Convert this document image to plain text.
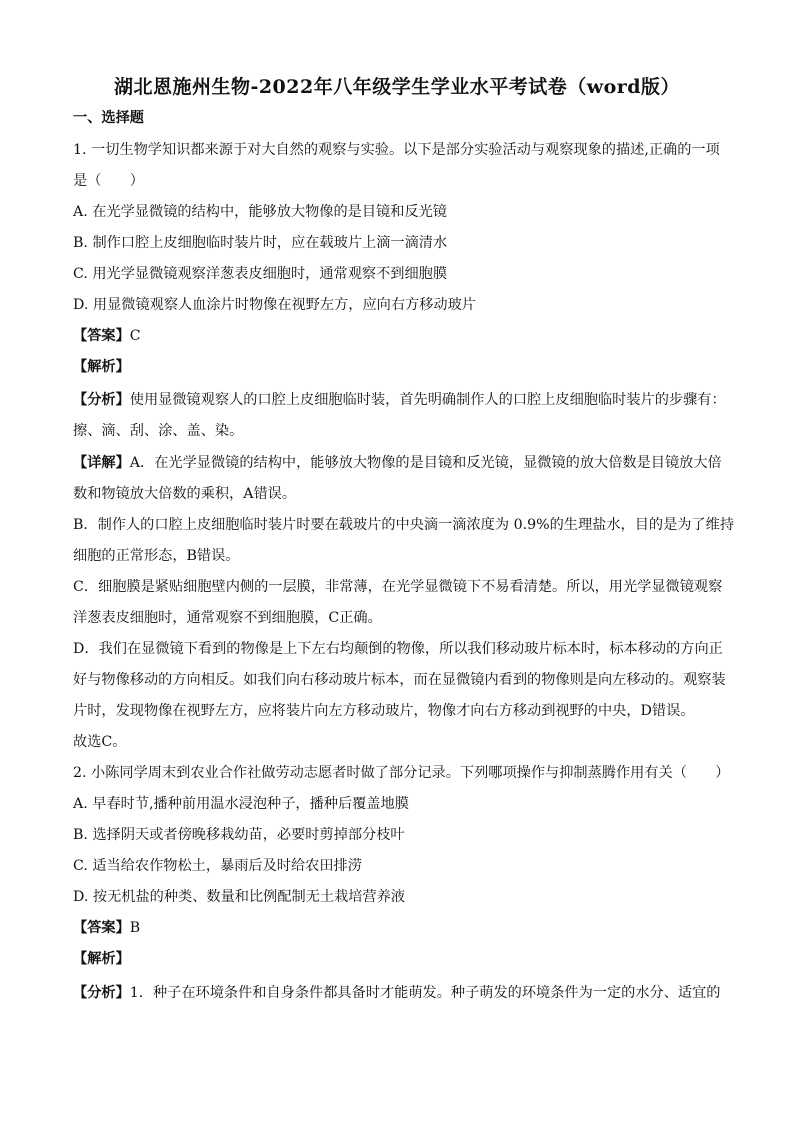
湖北恩施州生物-2022年八年级学生学业水平考试卷（word版）
一、选择题
1. 一切生物学知识都来源于对大自然的观察与实验。以下是部分实验活动与观察现象的描述,正确的一项
是（　　）
A. 在光学显微镜的结构中，能够放大物像的是目镜和反光镜
B. 制作口腔上皮细胞临时装片时，应在载玻片上滴一滴清水
C. 用光学显微镜观察洋葱表皮细胞时，通常观察不到细胞膜
D. 用显微镜观察人血涂片时物像在视野左方，应向右方移动玻片
【答案】C
【解析】
【分析】使用显微镜观察人的口腔上皮细胞临时装，首先明确制作人的口腔上皮细胞临时装片的步骤有：
擦、滴、刮、涂、盖、染。
【详解】A．在光学显微镜的结构中，能够放大物像的是目镜和反光镜，显微镜的放大倍数是目镜放大倍
数和物镜放大倍数的乘积，A错误。
B．制作人的口腔上皮细胞临时装片时要在载玻片的中央滴一滴浓度为 0.9%的生理盐水，目的是为了维持
细胞的正常形态，B错误。
C．细胞膜是紧贴细胞壁内侧的一层膜，非常薄，在光学显微镜下不易看清楚。所以，用光学显微镜观察
洋葱表皮细胞时，通常观察不到细胞膜，C正确。
D．我们在显微镜下看到的物像是上下左右均颠倒的物像，所以我们移动玻片标本时，标本移动的方向正
好与物像移动的方向相反。如我们向右移动玻片标本，而在显微镜内看到的物像则是向左移动的。观察装
片时，发现物像在视野左方，应将装片向左方移动玻片，物像才向右方移动到视野的中央，D错误。
故选C。
2. 小陈同学周末到农业合作社做劳动志愿者时做了部分记录。下列哪项操作与抑制蒸腾作用有关（　　）
A. 早春时节,播种前用温水浸泡种子，播种后覆盖地膜
B. 选择阴天或者傍晚移栽幼苗，必要时剪掉部分枝叶
C. 适当给农作物松土，暴雨后及时给农田排涝
D. 按无机盐的种类、数量和比例配制无土栽培营养液
【答案】B
【解析】
【分析】1．种子在环境条件和自身条件都具备时才能萌发。种子萌发的环境条件为一定的水分、适宜的
